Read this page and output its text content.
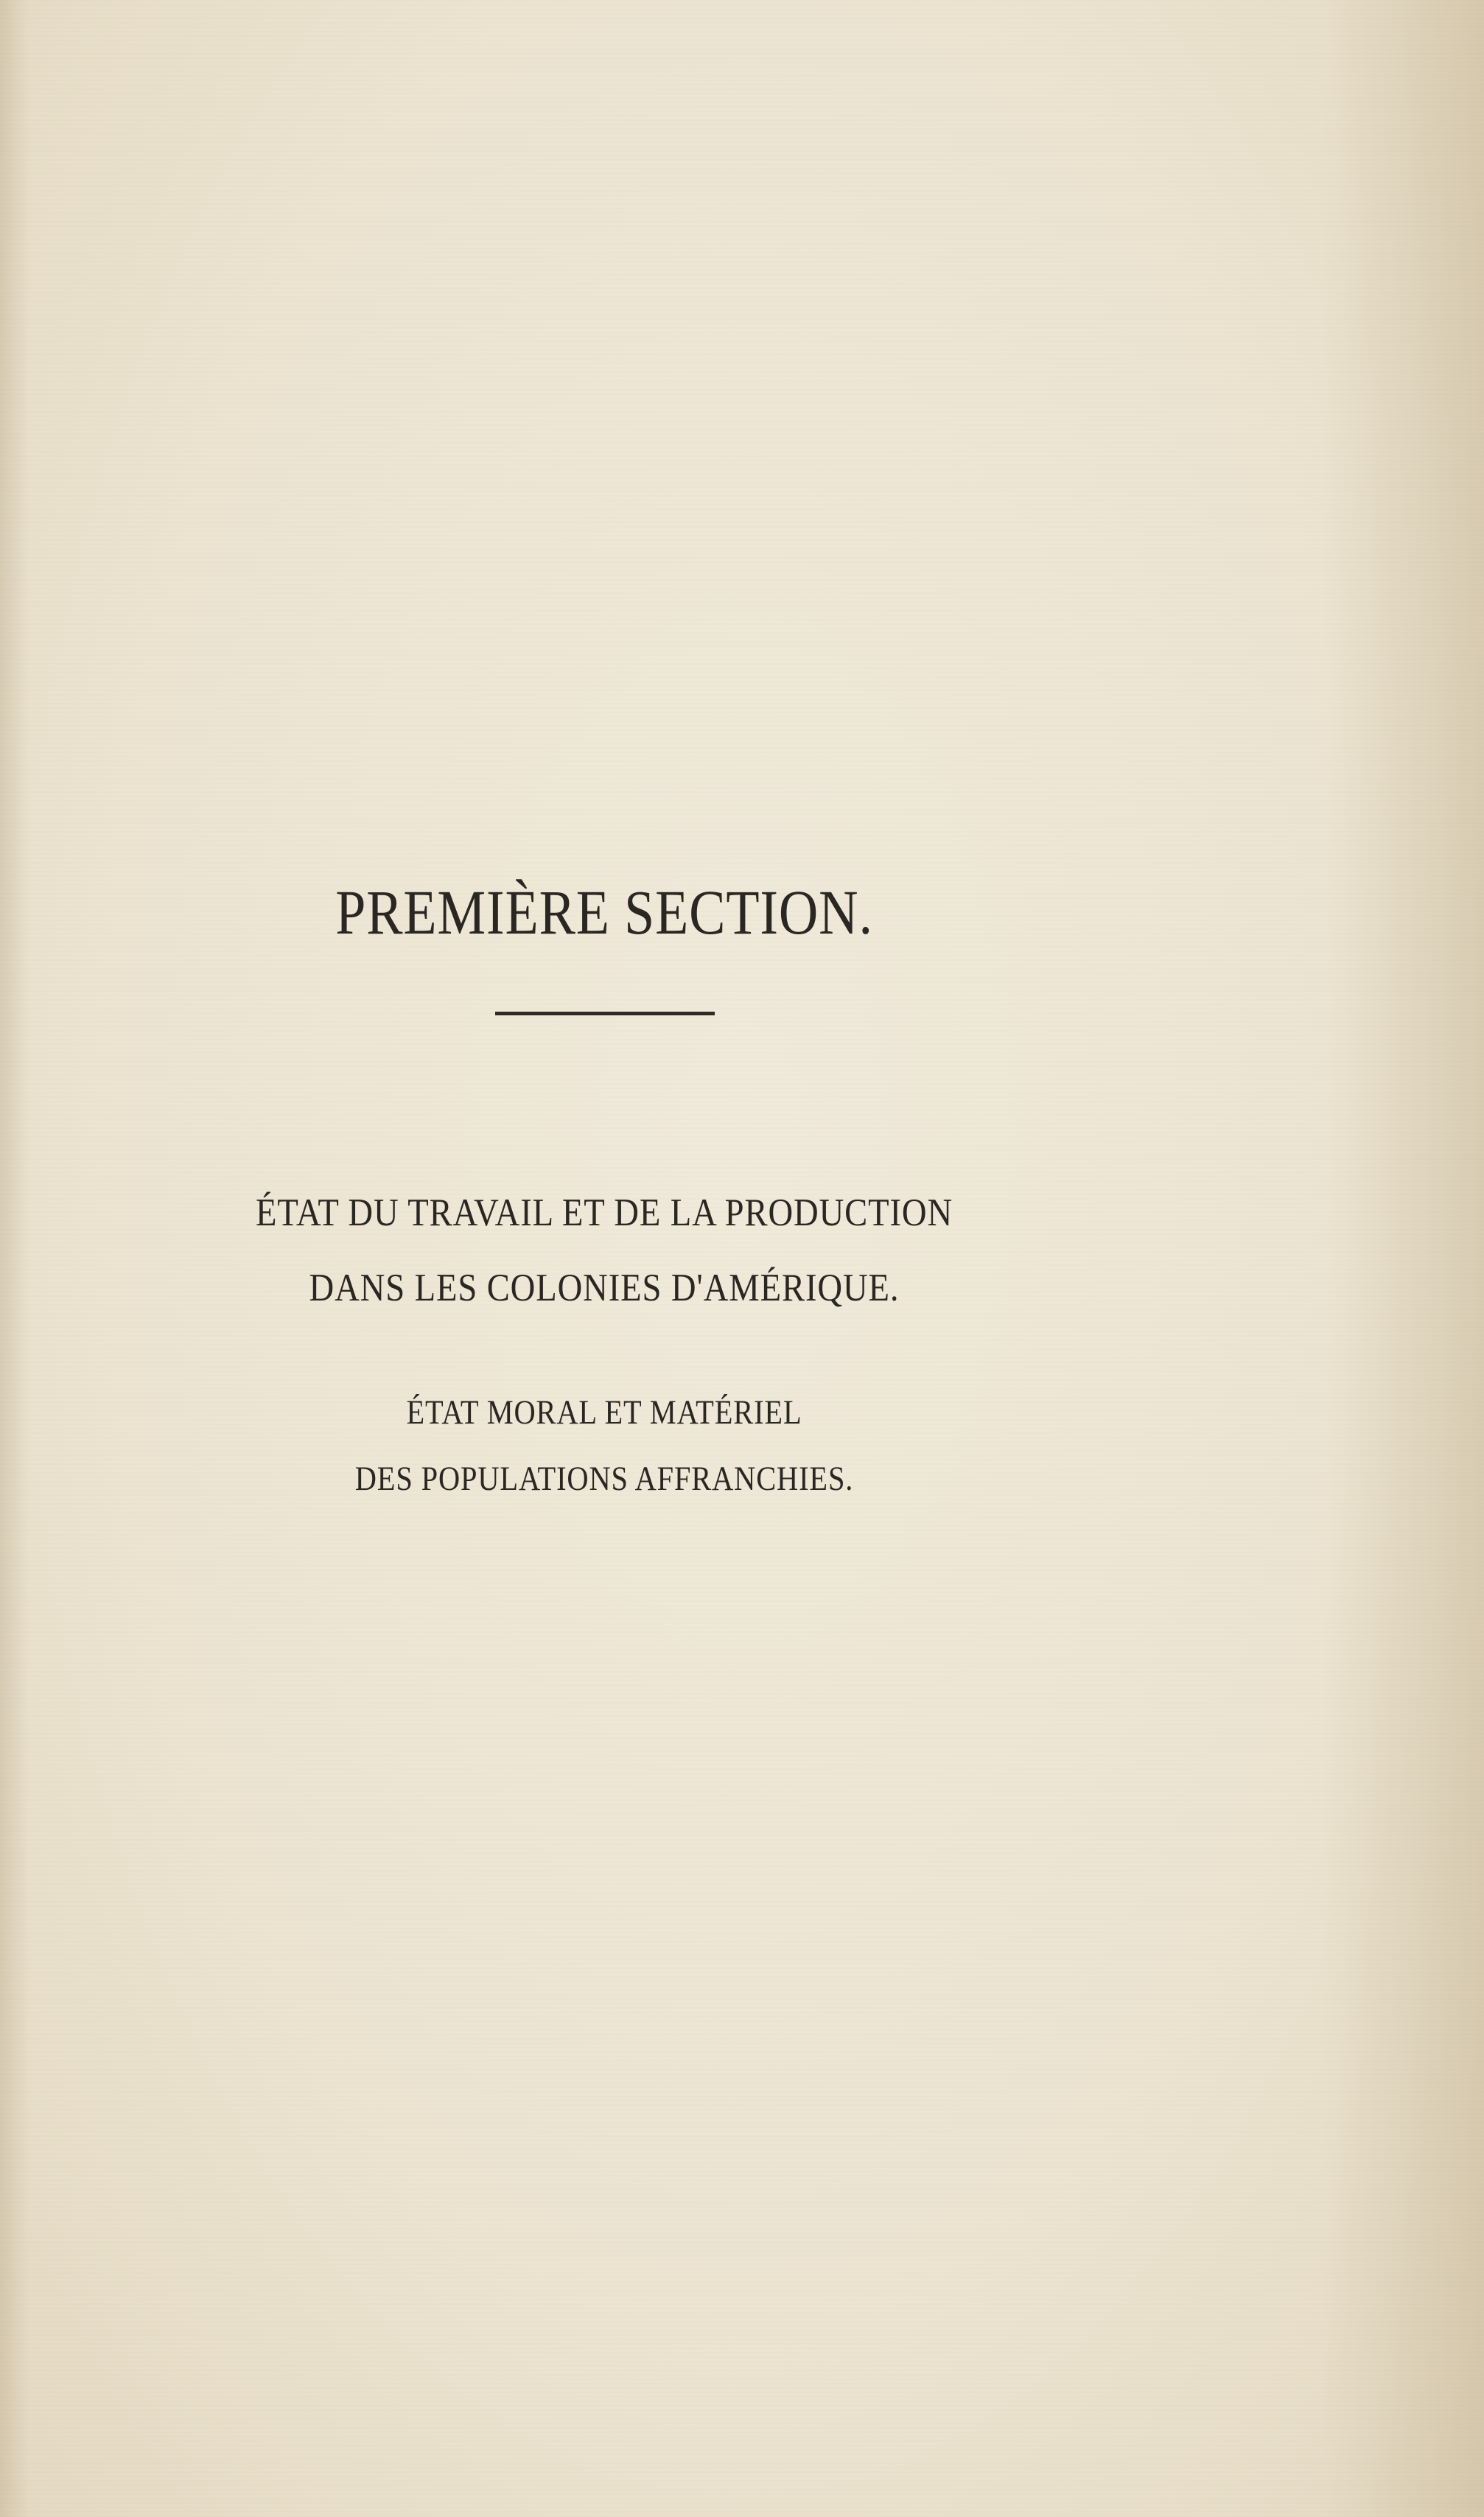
PREMIÈRE SECTION.
ÉTAT DU TRAVAIL ET DE LA PRODUCTION
DANS LES COLONIES D'AMÉRIQUE.
ÉTAT MORAL ET MATÉRIEL
DES POPULATIONS AFFRANCHIES.
